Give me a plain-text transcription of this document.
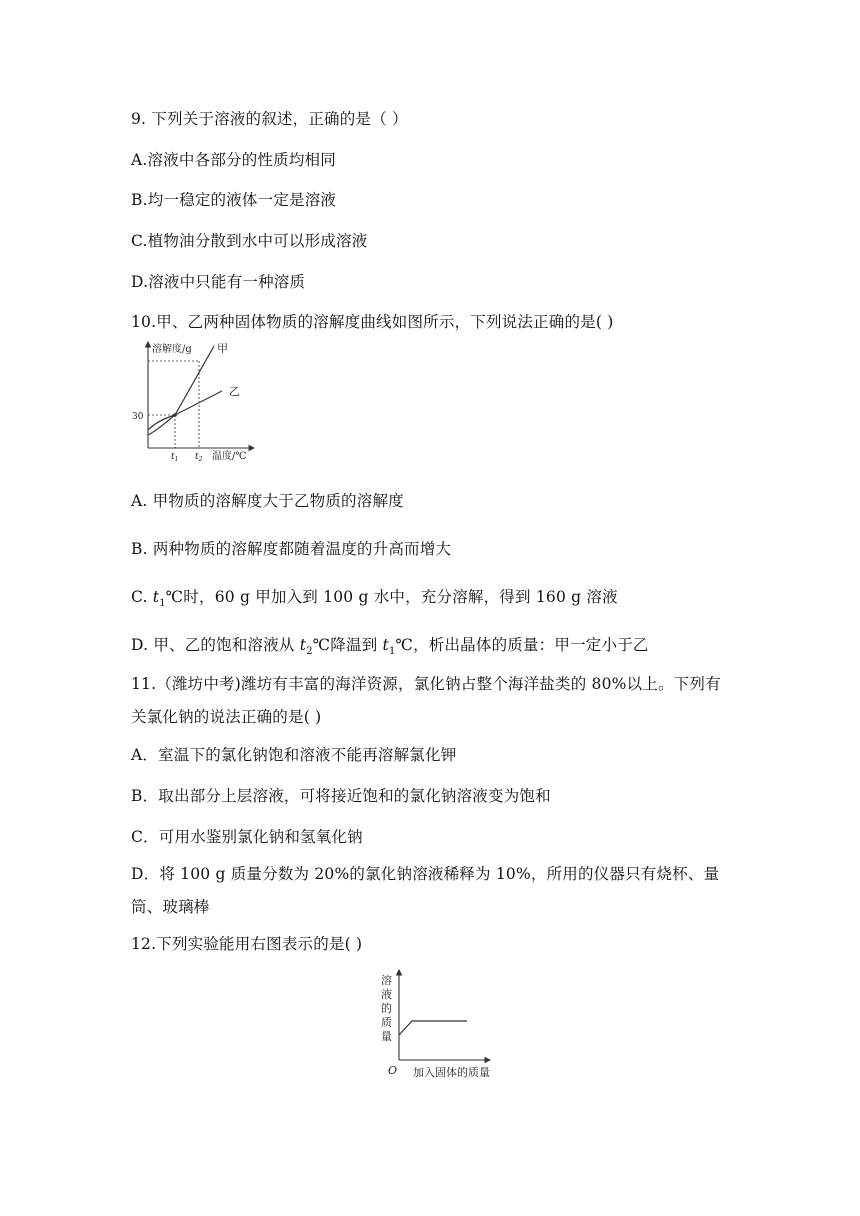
9. 下列关于溶液的叙述，正确的是（ ）
A.溶液中各部分的性质均相同
B.均一稳定的液体一定是溶液
C.植物油分散到水中可以形成溶液
D.溶液中只能有一种溶质
10.甲、乙两种固体物质的溶解度曲线如图所示，下列说法正确的是( )
溶解度/g
温度/℃
30
甲
乙
$t_1$ $t_2$
A. 甲物质的溶解度大于乙物质的溶解度
B. 两种物质的溶解度都随着温度的升高而增大
C. $t_1℃$时，60 g 甲加入到 100 g 水中，充分溶解，得到 160 g 溶液
D. 甲、乙的饱和溶液从 $t_2℃$降温到 $t_1℃$，析出晶体的质量：甲一定小于乙
11.（潍坊中考)潍坊有丰富的海洋资源，氯化钠占整个海洋盐类的 80%以上。下列有关氯化钠的说法正确的是( )
A．室温下的氯化钠饱和溶液不能再溶解氯化钾
B．取出部分上层溶液，可将接近饱和的氯化钠溶液变为饱和
C．可用水鉴别氯化钠和氢氧化钠
D．将 100 g 质量分数为 20%的氯化钠溶液稀释为 10%，所用的仪器只有烧杯、量筒、玻璃棒
12.下列实验能用右图表示的是( )
溶
液
的
质
量
O 加入固体的质量
